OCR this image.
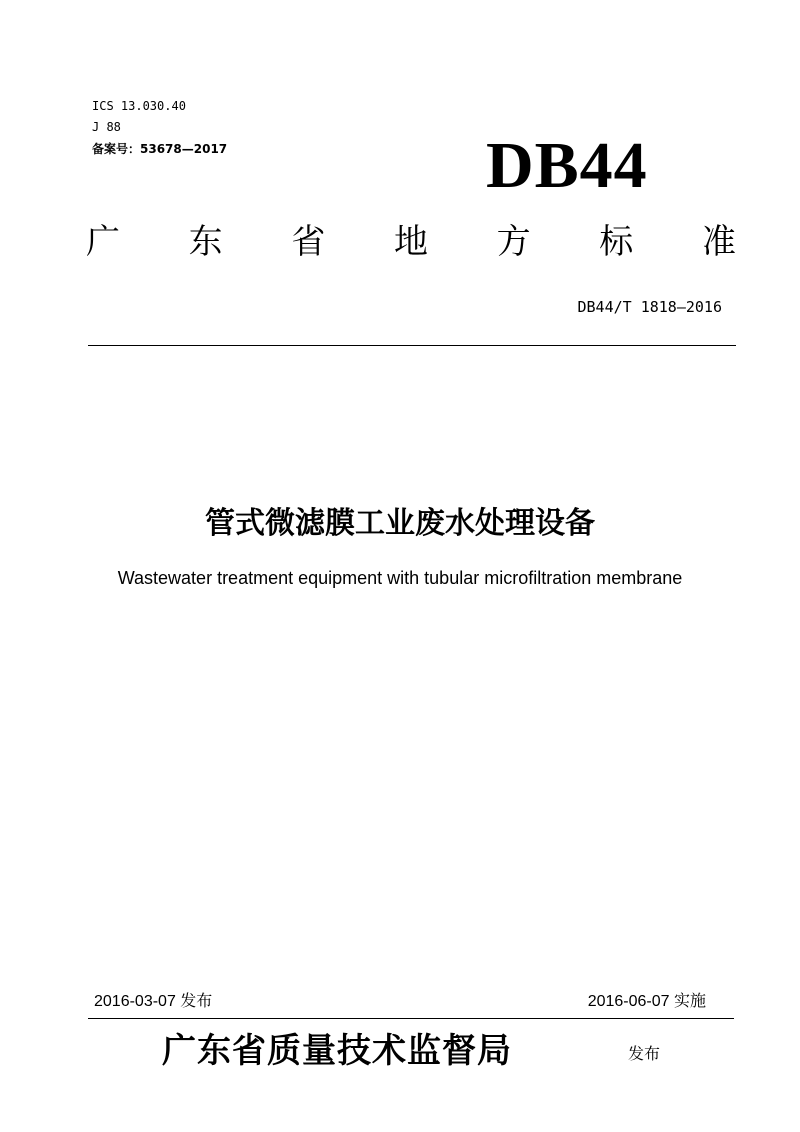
ICS 13.030.40
J 88
备案号：53678—2017	DB44
广 东 省 地 方 标 准
DB44/T 1818—2016
管式微滤膜工业废水处理设备
Wastewater treatment equipment with tubular microfiltration membrane
2016-03-07 发布	2016-06-07 实施
广东省质量技术监督局	发布
